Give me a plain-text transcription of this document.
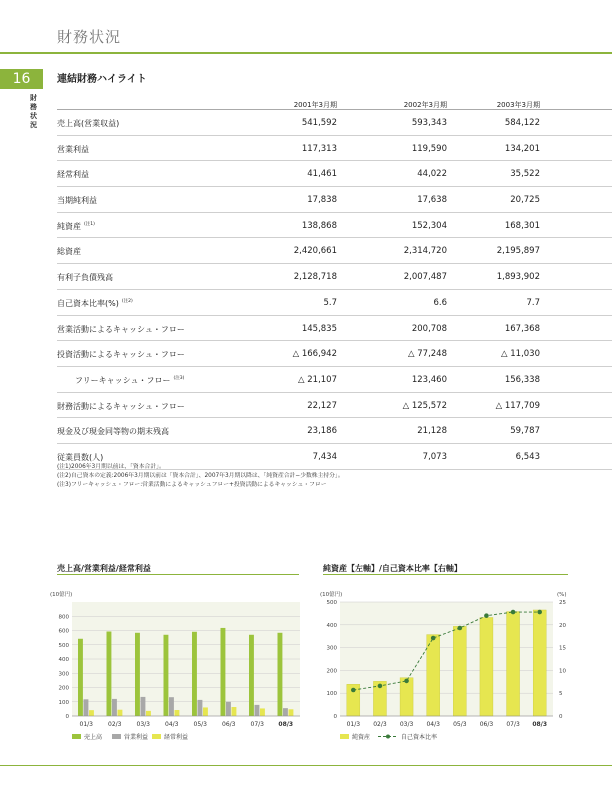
財務状況
16
財務状況
連結財務ハイライト
2001年3月期	2002年3月期	2003年3月期
売上高(営業収益)	541,592	593,343	584,122
営業利益	117,313	119,590	134,201
経常利益	41,461	44,022	35,522
当期純利益	17,838	17,638	20,725
純資産 $^{(注1)}$	138,868	152,304	168,301
総資産	2,420,661	2,314,720	2,195,897
有利子負債残高	2,128,718	2,007,487	1,893,902
自己資本比率(%) $^{(注2)}$	5.7	6.6	7.7
営業活動によるキャッシュ・フロー	145,835	200,708	167,368
投資活動によるキャッシュ・フロー	△ 166,942	△ 77,248	△ 11,030
フリーキャッシュ・フロー $^{(注3)}$	△ 21,107	123,460	156,338
財務活動によるキャッシュ・フロー	22,127	△ 125,572	△ 117,709
現金及び現金同等物の期末残高	23,186	21,128	59,787
従業員数(人)	7,434	7,073	6,543
(注1)2006年3月期以前は、「資本合計」。
(注2)自己資本の定義:2006年3月期以前は「資本合計」、2007年3月期以降は、「純資産合計−少数株主持分」。
(注3)フリーキャッシュ・フロー:営業活動によるキャッシュフロー+投資活動によるキャッシュ・フロー
売上高/営業利益/経常利益
(10億円)
0
100
200
300
400
500
600
800
01/3	02/3	03/3	04/3	05/3	06/3	07/3 08/3
売上高	営業利益	経常利益
純資産【左軸】/自己資本比率【右軸】
(10億円)	(%)
0
100
200
300
400
500
0
5
10
15
20
25
01/3 02/3 03/3 04/3 05/3 06/3 07/3 08/3
純資産	自己資本比率
